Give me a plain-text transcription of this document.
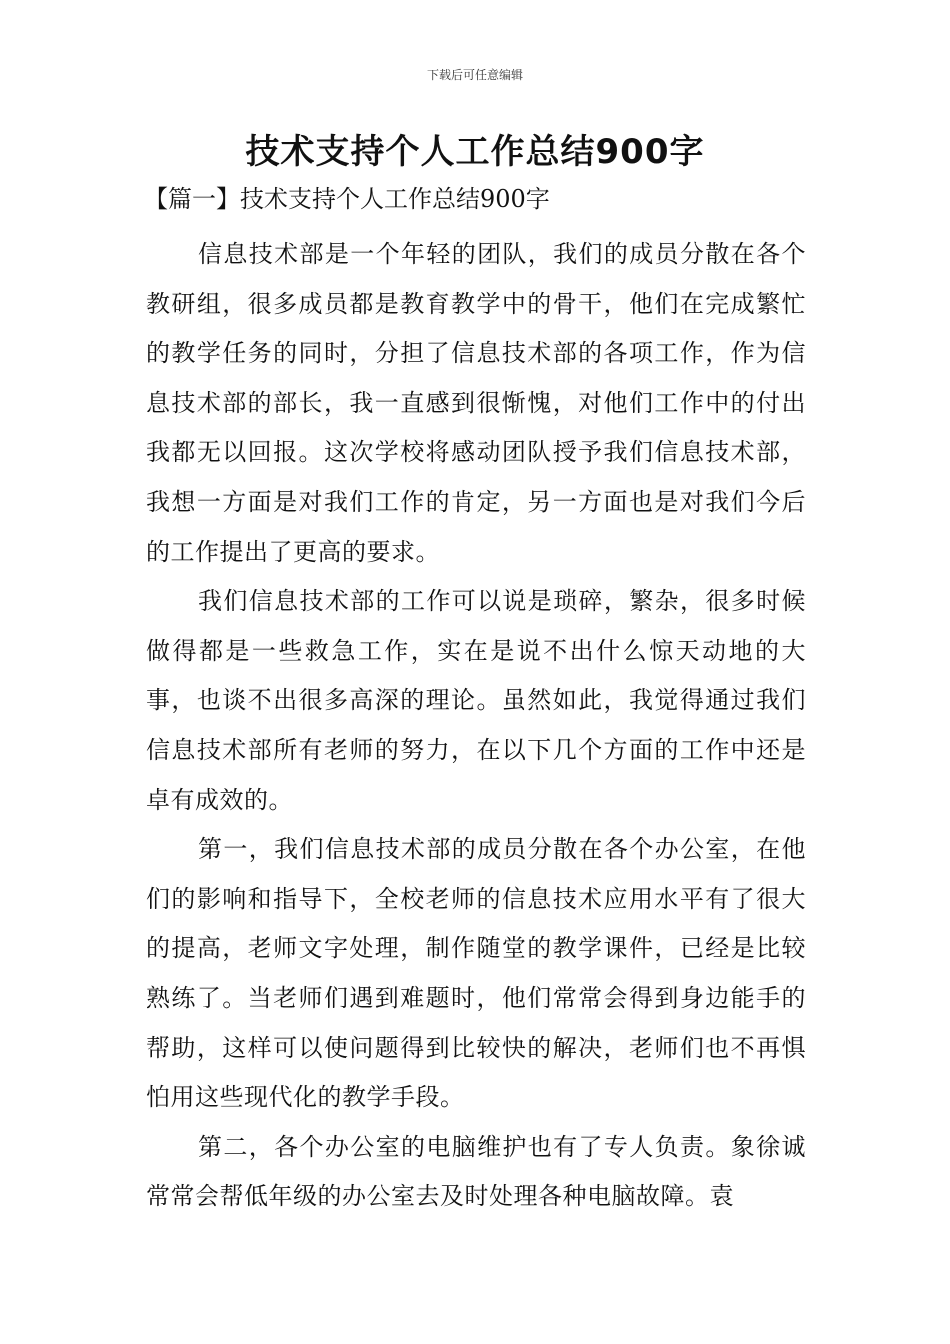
下载后可任意编辑
技术支持个人工作总结900字
【篇一】技术支持个人工作总结900字

信息技术部是一个年轻的团队，我们的成员分散在各个教研组，很多成员都是教育教学中的骨干，他们在完成繁忙的教学任务的同时，分担了信息技术部的各项工作，作为信息技术部的部长，我一直感到很惭愧，对他们工作中的付出我都无以回报。这次学校将感动团队授予我们信息技术部，我想一方面是对我们工作的肯定，另一方面也是对我们今后的工作提出了更高的要求。

我们信息技术部的工作可以说是琐碎，繁杂，很多时候做得都是一些救急工作，实在是说不出什么惊天动地的大事，也谈不出很多高深的理论。虽然如此，我觉得通过我们信息技术部所有老师的努力，在以下几个方面的工作中还是卓有成效的。

第一，我们信息技术部的成员分散在各个办公室，在他们的影响和指导下，全校老师的信息技术应用水平有了很大的提高，老师文字处理，制作随堂的教学课件，已经是比较熟练了。当老师们遇到难题时，他们常常会得到身边能手的帮助，这样可以使问题得到比较快的解决，老师们也不再惧怕用这些现代化的教学手段。

第二，各个办公室的电脑维护也有了专人负责。象徐诚常常会帮低年级的办公室去及时处理各种电脑故障。袁
